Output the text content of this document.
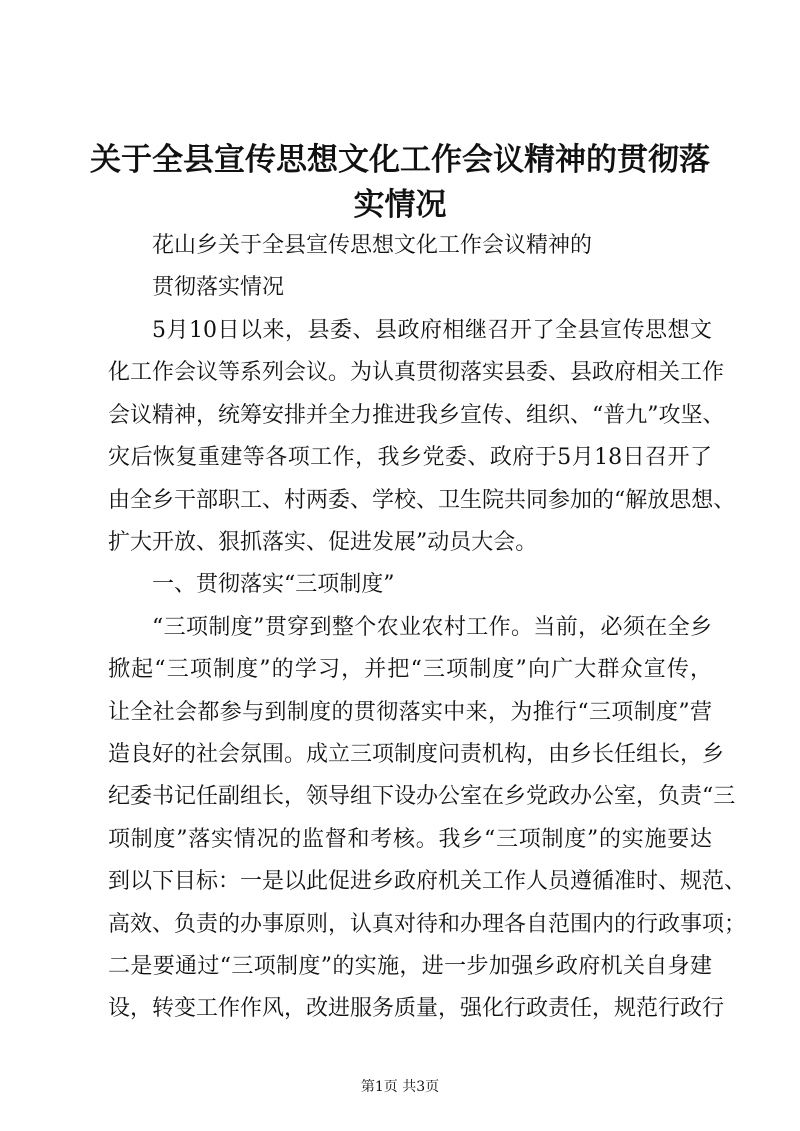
关于全县宣传思想文化工作会议精神的贯彻落
实情况
花山乡关于全县宣传思想文化工作会议精神的
贯彻落实情况
5月10日以来，县委、县政府相继召开了全县宣传思想文
化工作会议等系列会议。为认真贯彻落实县委、县政府相关工作
会议精神，统筹安排并全力推进我乡宣传、组织、“普九”攻坚、
灾后恢复重建等各项工作，我乡党委、政府于5月18日召开了
由全乡干部职工、村两委、学校、卫生院共同参加的“解放思想、
扩大开放、狠抓落实、促进发展”动员大会。
一、贯彻落实“三项制度”
“三项制度”贯穿到整个农业农村工作。当前，必须在全乡
掀起“三项制度”的学习，并把“三项制度”向广大群众宣传，
让全社会都参与到制度的贯彻落实中来，为推行“三项制度”营
造良好的社会氛围。成立三项制度问责机构，由乡长任组长，乡
纪委书记任副组长，领导组下设办公室在乡党政办公室，负责“三
项制度”落实情况的监督和考核。我乡“三项制度”的实施要达
到以下目标：一是以此促进乡政府机关工作人员遵循准时、规范、
高效、负责的办事原则，认真对待和办理各自范围内的行政事项；
二是要通过“三项制度”的实施，进一步加强乡政府机关自身建
设，转变工作作风，改进服务质量，强化行政责任，规范行政行
第1页 共3页
